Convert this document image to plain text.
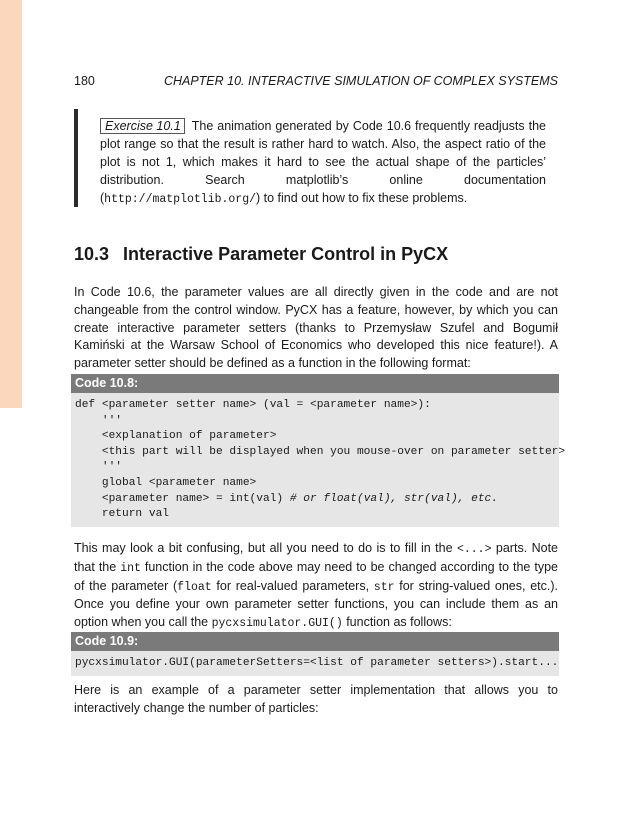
180	CHAPTER 10. INTERACTIVE SIMULATION OF COMPLEX SYSTEMS
Exercise 10.1 The animation generated by Code 10.6 frequently readjusts the plot range so that the result is rather hard to watch. Also, the aspect ratio of the plot is not 1, which makes it hard to see the actual shape of the particles’ distribution. Search matplotlib’s online documentation (http://matplotlib.org/) to find out how to fix these problems.
10.3 Interactive Parameter Control in PyCX

In Code 10.6, the parameter values are all directly given in the code and are not changeable from the control window. PyCX has a feature, however, by which you can create interactive parameter setters (thanks to Przemysław Szufel and Bogumił Kamiński at the Warsaw School of Economics who developed this nice feature!). A parameter setter should be defined as a function in the following format:

Code 10.8:
def <parameter setter name> (val = <parameter name>):
'''
<explanation of parameter>
<this part will be displayed when you mouse-over on parameter setter>
'''
global <parameter name>
<parameter name> = int(val) # or float(val), str(val), etc.
return val

This may look a bit confusing, but all you need to do is to fill in the <...> parts. Note that the int function in the code above may need to be changed according to the type of the parameter (float for real-valued parameters, str for string-valued ones, etc.). Once you define your own parameter setter functions, you can include them as an option when you call the pycxsimulator.GUI() function as follows:

Code 10.9:
pycxsimulator.GUI(parameterSetters=<list of parameter setters>).start...

Here is an example of a parameter setter implementation that allows you to interactively change the number of particles:
